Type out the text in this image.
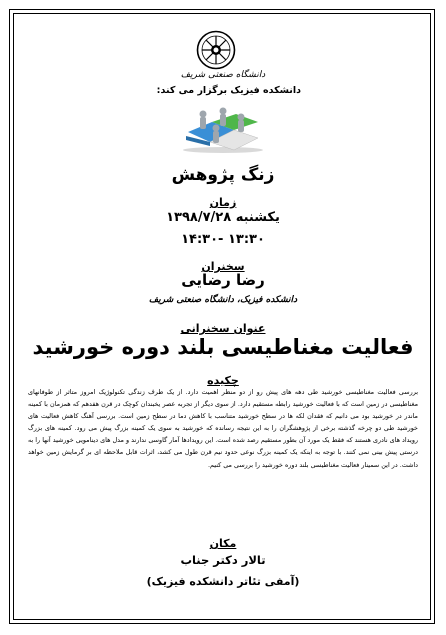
دانشگاه صنعتی شریف
دانشکده فیزیک برگزار می کند:
زنگ پژوهش
زمان
یکشنبه ۱۳۹۸/۷/۲۸
۱۳:۳۰ -۱۴:۳۰
سخنران
رضا رضایی
دانشکده فیزیک، دانشگاه صنعتی شریف
عنوان سخنرانی
فعالیت مغناطیسی بلند دوره خورشید
چکیده
بررسی فعالیت مغناطیسی خورشید طی دهه های پیش رو از دو منظر اهمیت دارد. از یک طرف زندگی تکنولوژیک امروز متاثر از طوفانهای مغناطیسی در زمین است که با فعالیت خورشید رابطه مستقیم دارد. از سوی دیگر از تجربه عصر یخبندان کوچک در قرن هفدهم که همزمان با کمینه ماندر در خورشید بود می دانیم که فقدان لکه ها در سطح خورشید متناسب با کاهش دما در سطح زمین است. بررسی آهنگ کاهش فعالیت های خورشید طی دو چرخه گذشته برخی از پژوهشگران را به این نتیجه رسانده که خورشید به سوی یک کمینه بزرگ پیش می رود. کمینه های بزرگ رویداد های نادری هستند که فقط یک مورد آن بطور مستقیم رصد شده است. این رویدادها آمار گاوسی ندارند و مدل های دینامویی خورشید آنها را به درستی پیش بینی نمی کنند. با توجه به اینکه یک کمینه بزرگ نوعی حدود نیم قرن طول می کشد، اثرات قابل ملاحظه ای بر گرمایش زمین خواهد داشت. در این سمینار فعالیت مغناطیسی بلند دوره خورشید را بررسی می کنیم.
مکان
تالار دکتر جناب
(آمفی تئاتر دانشکده فیزیک)
